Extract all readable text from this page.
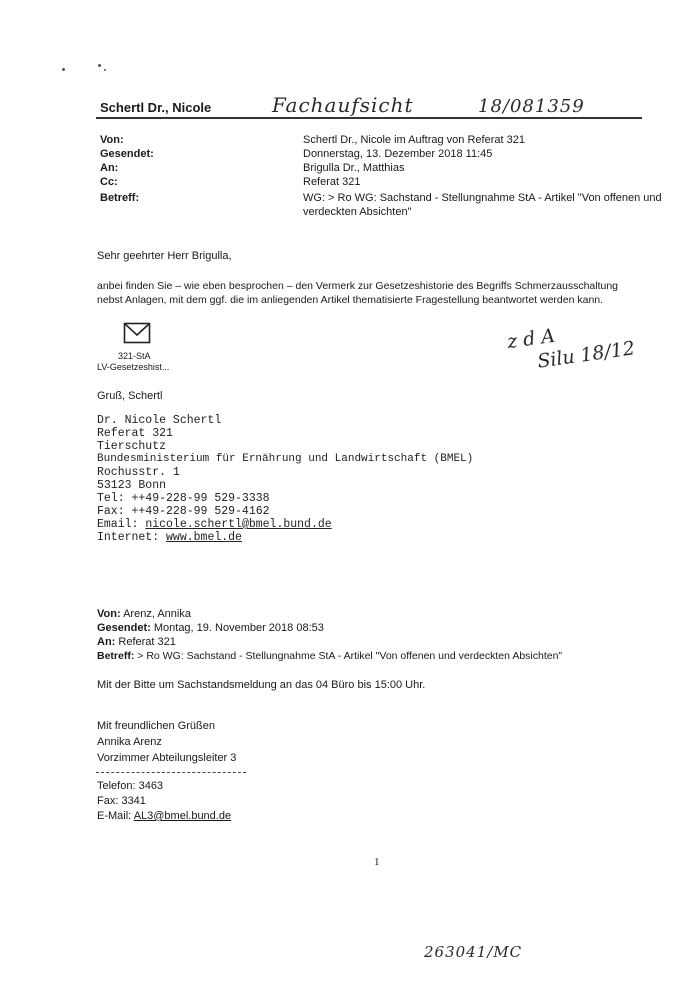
Schertl Dr., Nicole	Fachaufsicht	18/081359
Von:	Schertl Dr., Nicole im Auftrag von Referat 321
Gesendet:	Donnerstag, 13. Dezember 2018 11:45
An:	Brigulla Dr., Matthias
Cc:	Referat 321
Betreff:	WG: > Ro WG: Sachstand - Stellungnahme StA - Artikel "Von offenen und
verdeckten Absichten"
Sehr geehrter Herr Brigulla,
anbei finden Sie – wie eben besprochen – den Vermerk zur Gesetzeshistorie des Begriffs Schmerzausschaltung
nebst Anlagen, mit dem ggf. die im anliegenden Artikel thematisierte Fragestellung beantwortet werden kann.
321-StA
LV-Gesetzeshist...
z d A
Silu 18/12
Gruß, Schertl
Dr. Nicole Schertl
Referat 321
Tierschutz
Bundesministerium für Ernährung und Landwirtschaft (BMEL)
Rochusstr. 1
53123 Bonn
Tel: ++49-228-99 529-3338
Fax: ++49-228-99 529-4162
Email: nicole.schertl@bmel.bund.de
Internet: www.bmel.de
Von: Arenz, Annika
Gesendet: Montag, 19. November 2018 08:53
An: Referat 321
Betreff: > Ro WG: Sachstand - Stellungnahme StA - Artikel "Von offenen und verdeckten Absichten"
Mit der Bitte um Sachstandsmeldung an das 04 Büro bis 15:00 Uhr.
Mit freundlichen Grüßen
Annika Arenz
Vorzimmer Abteilungsleiter 3
Telefon: 3463
Fax: 3341
E-Mail: AL3@bmel.bund.de
1
263041/MC
